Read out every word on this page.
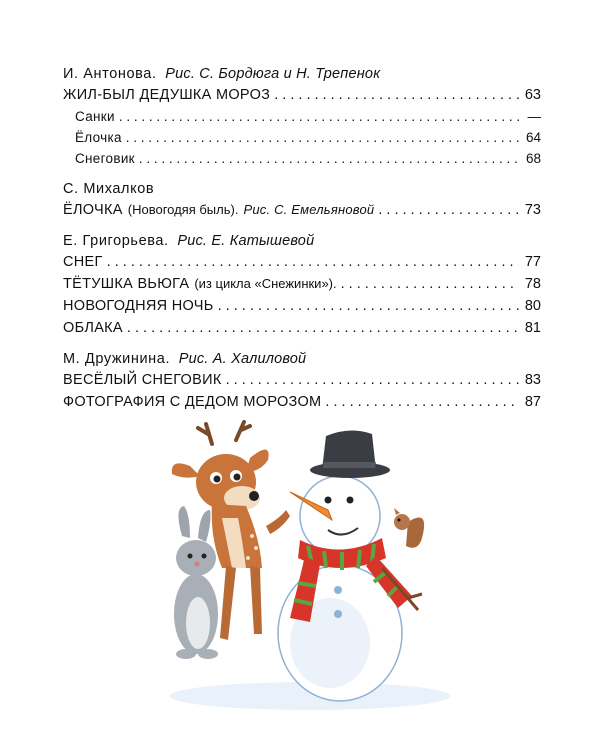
И. Антонова. Рис. С. Бордюга и Н. Трепенок
ЖИЛ-БЫЛ ДЕДУШКА МОРОЗ . . .	63
Санки . . .	—
Ёлочка . . .	64
Снеговик . . .	68
С. Михалков
ЁЛОЧКА (Новогодяя быль). Рис. С. Емельяновой . . .	73
Е. Григорьева. Рис. Е. Катышевой
СНЕГ . . .	77
ТЁТУШКА ВЬЮГА (из цикла «Снежинки»). . . .	78
НОВОГОДНЯЯ НОЧЬ . . .	80
ОБЛАКА . . .	81
М. Дружинина. Рис. А. Халиловой
ВЕСЁЛЫЙ СНЕГОВИК . . .	83
ФОТОГРАФИЯ С ДЕДОМ МОРОЗОМ . . .	87
